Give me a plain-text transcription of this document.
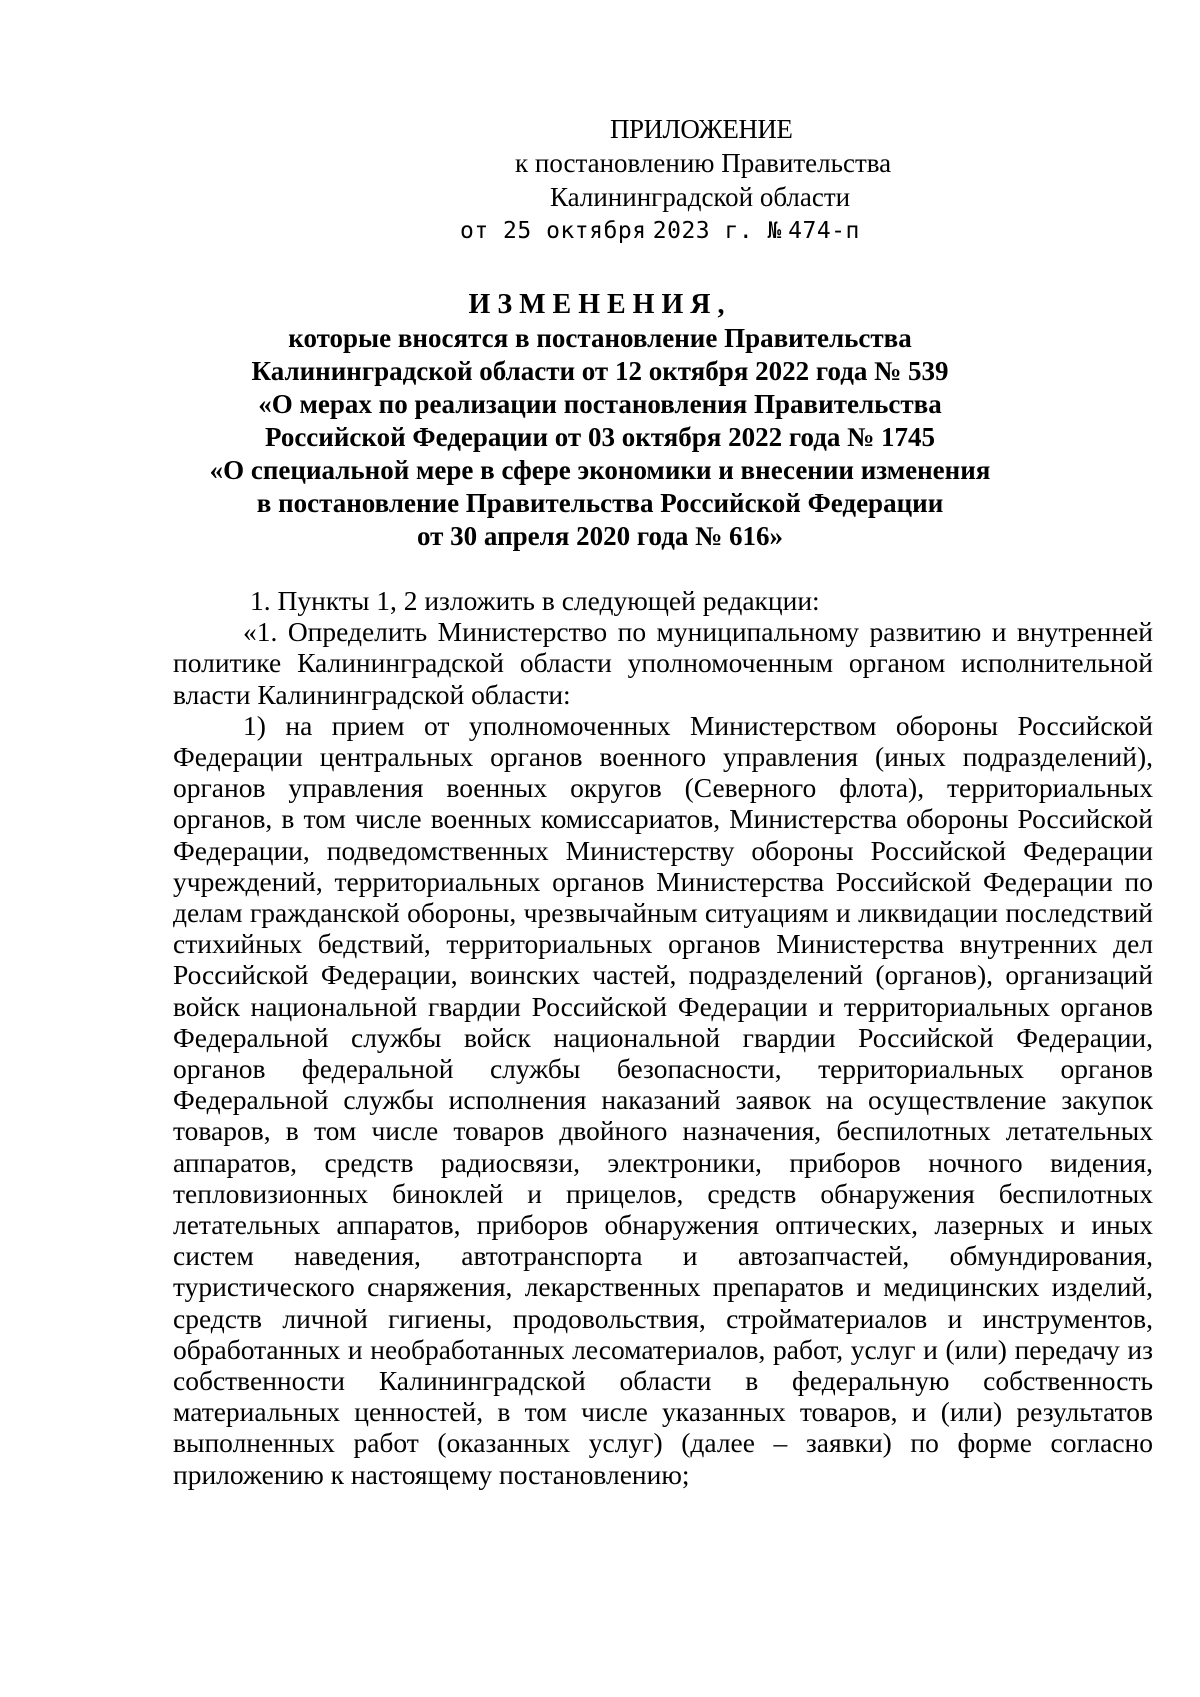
ПРИЛОЖЕНИЕ
к постановлению Правительства
Калининградской области
от 25 октября 2023 г. № 474-п
ИЗМЕНЕНИЯ,
которые вносятся в постановление Правительства
Калининградской области от 12 октября 2022 года № 539
«О мерах по реализации постановления Правительства
Российской Федерации от 03 октября 2022 года № 1745
«О специальной мере в сфере экономики и внесении изменения
в постановление Правительства Российской Федерации
от 30 апреля 2020 года № 616»

1. Пункты 1, 2 изложить в следующей редакции:

«1. Определить Министерство по муниципальному развитию и внутренней политике Калининградской области уполномоченным органом исполнительной власти Калининградской области:

1) на прием от уполномоченных Министерством обороны Российской Федерации центральных органов военного управления (иных подразделений), органов управления военных округов (Северного флота), территориальных органов, в том числе военных комиссариатов, Министерства обороны Российской Федерации, подведомственных Министерству обороны Российской Федерации учреждений, территориальных органов Министерства Российской Федерации по делам гражданской обороны, чрезвычайным ситуациям и ликвидации последствий стихийных бедствий, территориальных органов Министерства внутренних дел Российской Федерации, воинских частей, подразделений (органов), организаций войск национальной гвардии Российской Федерации и территориальных органов Федеральной службы войск национальной гвардии Российской Федерации, органов федеральной службы безопасности, территориальных органов Федеральной службы исполнения наказаний заявок на осуществление закупок товаров, в том числе товаров двойного назначения, беспилотных летательных аппаратов, средств радиосвязи, электроники, приборов ночного видения, тепловизионных биноклей и прицелов, средств обнаружения беспилотных летательных аппаратов, приборов обнаружения оптических, лазерных и иных систем наведения, автотранспорта и автозапчастей, обмундирования, туристического снаряжения, лекарственных препаратов и медицинских изделий, средств личной гигиены, продовольствия, стройматериалов и инструментов, обработанных и необработанных лесоматериалов, работ, услуг и (или) передачу из собственности Калининградской области в федеральную собственность материальных ценностей, в том числе указанных товаров, и (или) результатов выполненных работ (оказанных услуг) (далее – заявки) по форме согласно приложению к настоящему постановлению;
